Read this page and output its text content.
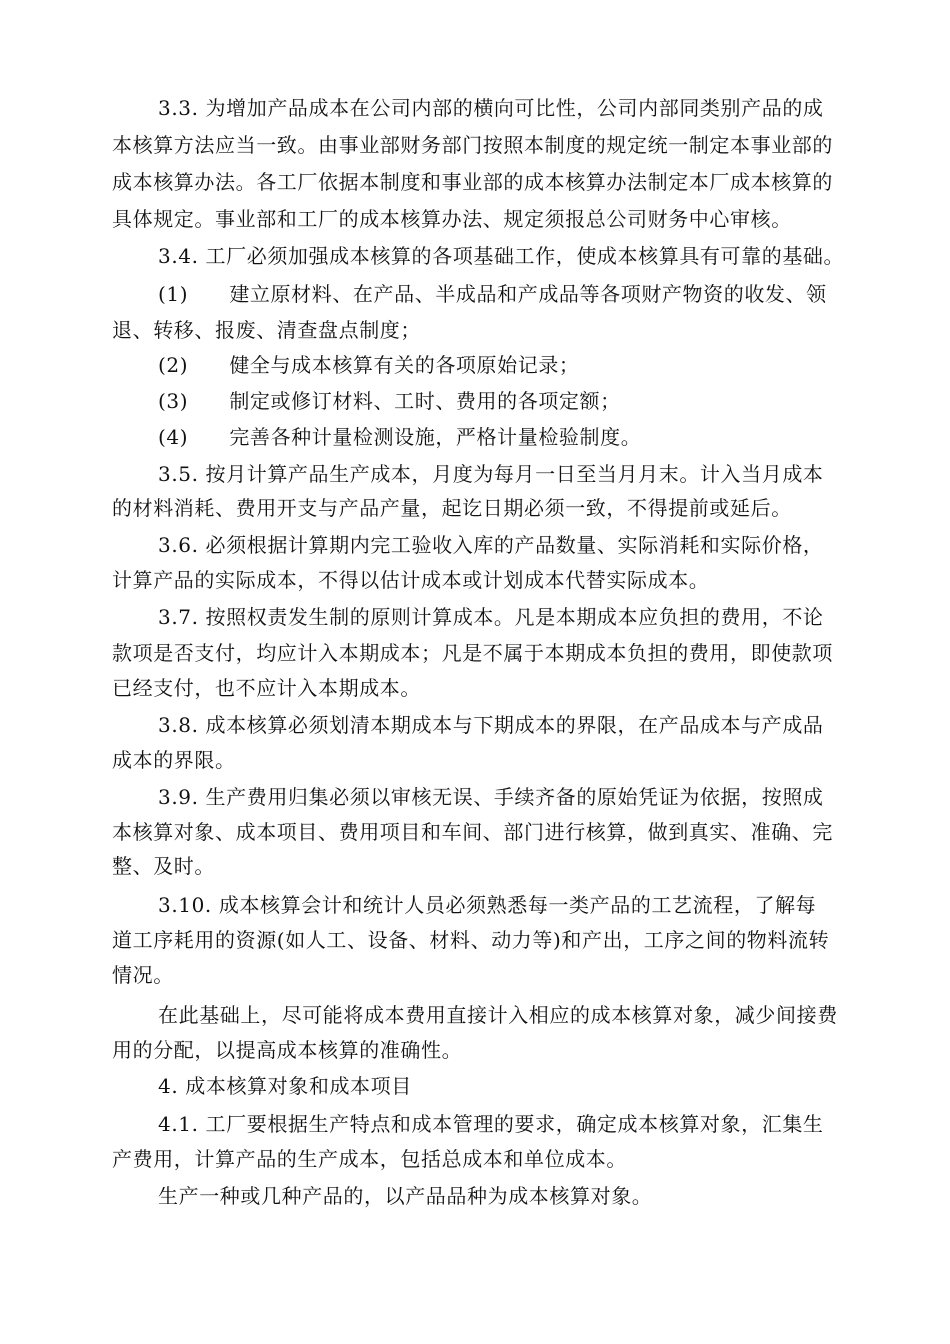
3.3. 为增加产品成本在公司内部的横向可比性，公司内部同类别产品的成
本核算方法应当一致。由事业部财务部门按照本制度的规定统一制定本事业部的
成本核算办法。各工厂依据本制度和事业部的成本核算办法制定本厂成本核算的
具体规定。事业部和工厂的成本核算办法、规定须报总公司财务中心审核。
3.4. 工厂必须加强成本核算的各项基础工作，使成本核算具有可靠的基础。
(1)　　建立原材料、在产品、半成品和产成品等各项财产物资的收发、领
退、转移、报废、清查盘点制度；
(2)　　健全与成本核算有关的各项原始记录；
(3)　　制定或修订材料、工时、费用的各项定额；
(4)　　完善各种计量检测设施，严格计量检验制度。
3.5. 按月计算产品生产成本，月度为每月一日至当月月末。计入当月成本
的材料消耗、费用开支与产品产量，起讫日期必须一致，不得提前或延后。
3.6. 必须根据计算期内完工验收入库的产品数量、实际消耗和实际价格，
计算产品的实际成本，不得以估计成本或计划成本代替实际成本。
3.7. 按照权责发生制的原则计算成本。凡是本期成本应负担的费用，不论
款项是否支付，均应计入本期成本；凡是不属于本期成本负担的费用，即使款项
已经支付，也不应计入本期成本。
3.8. 成本核算必须划清本期成本与下期成本的界限，在产品成本与产成品
成本的界限。
3.9. 生产费用归集必须以审核无误、手续齐备的原始凭证为依据，按照成
本核算对象、成本项目、费用项目和车间、部门进行核算，做到真实、准确、完
整、及时。
3.10. 成本核算会计和统计人员必须熟悉每一类产品的工艺流程，了解每
道工序耗用的资源(如人工、设备、材料、动力等)和产出，工序之间的物料流转
情况。
在此基础上，尽可能将成本费用直接计入相应的成本核算对象，减少间接费
用的分配，以提高成本核算的准确性。
4. 成本核算对象和成本项目
4.1. 工厂要根据生产特点和成本管理的要求，确定成本核算对象，汇集生
产费用，计算产品的生产成本，包括总成本和单位成本。
生产一种或几种产品的，以产品品种为成本核算对象。
